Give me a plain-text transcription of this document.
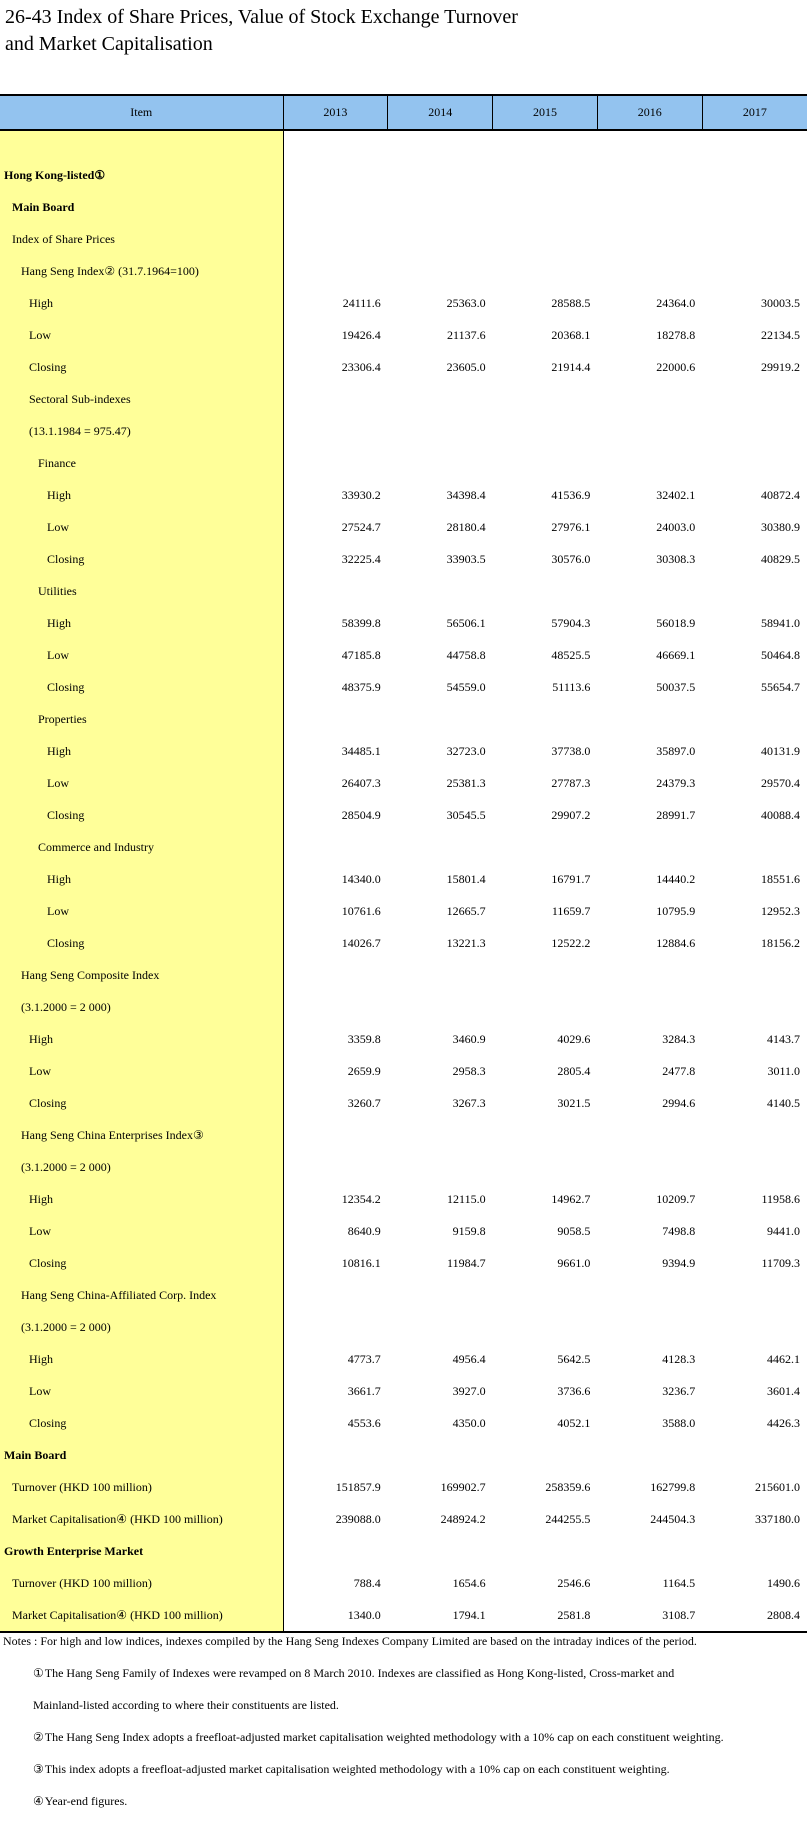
26-43 Index of Share Prices, Value of Stock Exchange Turnover
and Market Capitalisation
Item	2013	2014	2015	2016	2017

Hong Kong-listed①					
Main Board					
Index of Share Prices					
Hang Seng Index② (31.7.1964=100)					
High	24111.6	25363.0	28588.5	24364.0	30003.5
Low	19426.4	21137.6	20368.1	18278.8	22134.5
Closing	23306.4	23605.0	21914.4	22000.6	29919.2
Sectoral Sub-indexes					
(13.1.1984 = 975.47)					
Finance					
High	33930.2	34398.4	41536.9	32402.1	40872.4
Low	27524.7	28180.4	27976.1	24003.0	30380.9
Closing	32225.4	33903.5	30576.0	30308.3	40829.5
Utilities					
High	58399.8	56506.1	57904.3	56018.9	58941.0
Low	47185.8	44758.8	48525.5	46669.1	50464.8
Closing	48375.9	54559.0	51113.6	50037.5	55654.7
Properties					
High	34485.1	32723.0	37738.0	35897.0	40131.9
Low	26407.3	25381.3	27787.3	24379.3	29570.4
Closing	28504.9	30545.5	29907.2	28991.7	40088.4
Commerce and Industry					
High	14340.0	15801.4	16791.7	14440.2	18551.6
Low	10761.6	12665.7	11659.7	10795.9	12952.3
Closing	14026.7	13221.3	12522.2	12884.6	18156.2
Hang Seng Composite Index					
(3.1.2000 = 2 000)					
High	3359.8	3460.9	4029.6	3284.3	4143.7
Low	2659.9	2958.3	2805.4	2477.8	3011.0
Closing	3260.7	3267.3	3021.5	2994.6	4140.5
Hang Seng China Enterprises Index③					
(3.1.2000 = 2 000)					
High	12354.2	12115.0	14962.7	10209.7	11958.6
Low	8640.9	9159.8	9058.5	7498.8	9441.0
Closing	10816.1	11984.7	9661.0	9394.9	11709.3
Hang Seng China-Affiliated Corp. Index					
(3.1.2000 = 2 000)					
High	4773.7	4956.4	5642.5	4128.3	4462.1
Low	3661.7	3927.0	3736.6	3236.7	3601.4
Closing	4553.6	4350.0	4052.1	3588.0	4426.3
Main Board					
Turnover (HKD 100 million)	151857.9	169902.7	258359.6	162799.8	215601.0
Market Capitalisation④ (HKD 100 million)	239088.0	248924.2	244255.5	244504.3	337180.0
Growth Enterprise Market					
Turnover (HKD 100 million)	788.4	1654.6	2546.6	1164.5	1490.6
Market Capitalisation④ (HKD 100 million)	1340.0	1794.1	2581.8	3108.7	2808.4
Notes : For high and low indices, indexes compiled by the Hang Seng Indexes Company Limited are based on the intraday indices of the period.
①The Hang Seng Family of Indexes were revamped on 8 March 2010. Indexes are classified as Hong Kong-listed, Cross-market and
Mainland-listed according to where their constituents are listed.
②The Hang Seng Index adopts a freefloat-adjusted market capitalisation weighted methodology with a 10% cap on each constituent weighting.
③This index adopts a freefloat-adjusted market capitalisation weighted methodology with a 10% cap on each constituent weighting.
④Year-end figures.
